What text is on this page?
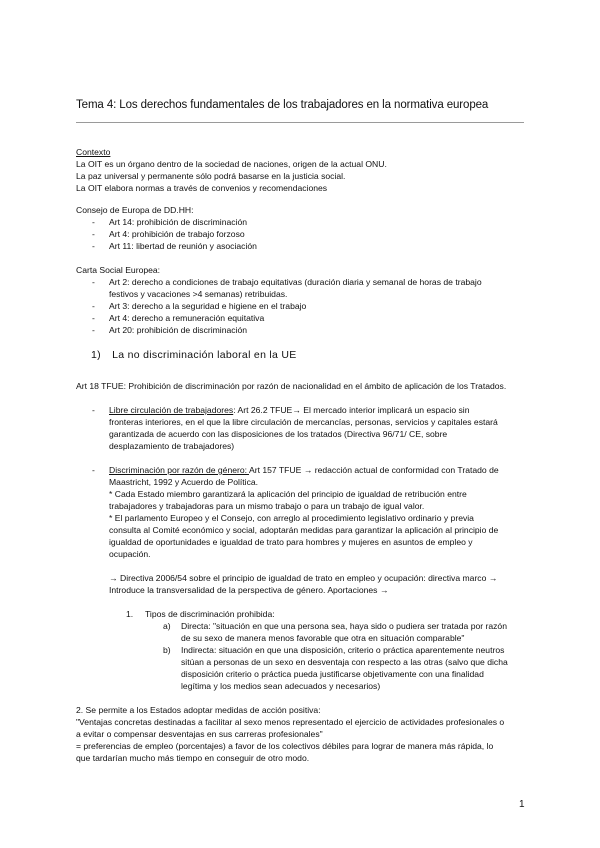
Tema 4: Los derechos fundamentales de los trabajadores en la normativa europea
Contexto
La OIT es un órgano dentro de la sociedad de naciones, origen de la actual ONU.
La paz universal y permanente sólo podrá basarse en la justicia social.
La OIT elabora normas a través de convenios y recomendaciones
Consejo de Europa de DD.HH:
- Art 14: prohibición de discriminación
- Art 4: prohibición de trabajo forzoso
- Art 11: libertad de reunión y asociación
Carta Social Europea:
- Art 2: derecho a condiciones de trabajo equitativas (duración diaria y semanal de horas de trabajo
festivos y vacaciones >4 semanas) retribuidas.
- Art 3: derecho a la seguridad e higiene en el trabajo
- Art 4: derecho a remuneración equitativa
- Art 20: prohibición de discriminación
1) La no discriminación laboral en la UE
Art 18 TFUE: Prohibición de discriminación por razón de nacionalidad en el ámbito de aplicación de los Tratados.
- Libre circulación de trabajadores: Art 26.2 TFUE→ El mercado interior implicará un espacio sin
fronteras interiores, en el que la libre circulación de mercancías, personas, servicios y capitales estará
garantizada de acuerdo con las disposiciones de los tratados (Directiva 96/71/ CE, sobre
desplazamiento de trabajadores)
- Discriminación por razón de género: Art 157 TFUE → redacción actual de conformidad con Tratado de
Maastricht, 1992 y Acuerdo de Política.
* Cada Estado miembro garantizará la aplicación del principio de igualdad de retribución entre
trabajadores y trabajadoras para un mismo trabajo o para un trabajo de igual valor.
* El parlamento Europeo y el Consejo, con arreglo al procedimiento legislativo ordinario y previa
consulta al Comité económico y social, adoptarán medidas para garantizar la aplicación al principio de
igualdad de oportunidades e igualdad de trato para hombres y mujeres en asuntos de empleo y
ocupación.
→ Directiva 2006/54 sobre el principio de igualdad de trato en empleo y ocupación: directiva marco →
Introduce la transversalidad de la perspectiva de género. Aportaciones →
1. Tipos de discriminación prohibida:
a) Directa: "situación en que una persona sea, haya sido o pudiera ser tratada por razón
de su sexo de manera menos favorable que otra en situación comparable"
b) Indirecta: situación en que una disposición, criterio o práctica aparentemente neutros
sitúan a personas de un sexo en desventaja con respecto a las otras (salvo que dicha
disposición criterio o práctica pueda justificarse objetivamente con una finalidad
legítima y los medios sean adecuados y necesarios)
2. Se permite a los Estados adoptar medidas de acción positiva:
"Ventajas concretas destinadas a facilitar al sexo menos representado el ejercicio de actividades profesionales o
a evitar o compensar desventajas en sus carreras profesionales"
= preferencias de empleo (porcentajes) a favor de los colectivos débiles para lograr de manera más rápida, lo
que tardarían mucho más tiempo en conseguir de otro modo.
1
